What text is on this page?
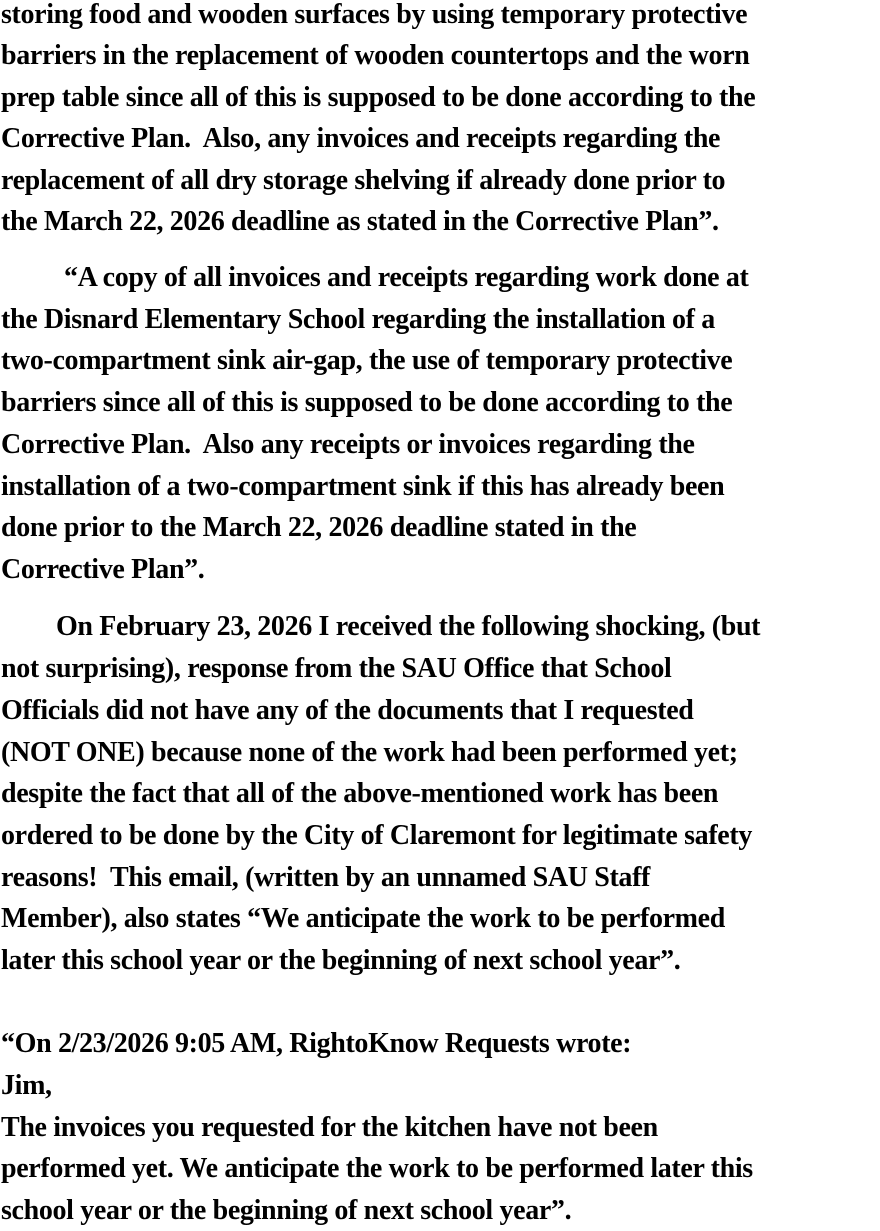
storing food and wooden surfaces by using temporary protective
barriers in the replacement of wooden countertops and the worn
prep table since all of this is supposed to be done according to the
Corrective Plan.  Also, any invoices and receipts regarding the
replacement of all dry storage shelving if already done prior to
the March 22, 2026 deadline as stated in the Corrective Plan”.
“A copy of all invoices and receipts regarding work done at
the Disnard Elementary School regarding the installation of a
two-compartment sink air-gap, the use of temporary protective
barriers since all of this is supposed to be done according to the
Corrective Plan.  Also any receipts or invoices regarding the
installation of a two-compartment sink if this has already been
done prior to the March 22, 2026 deadline stated in the
Corrective Plan”.
On February 23, 2026 I received the following shocking, (but
not surprising), response from the SAU Office that School
Officials did not have any of the documents that I requested
(NOT ONE) because none of the work had been performed yet;
despite the fact that all of the above-mentioned work has been
ordered to be done by the City of Claremont for legitimate safety
reasons!  This email, (written by an unnamed SAU Staff
Member), also states “We anticipate the work to be performed
later this school year or the beginning of next school year”.
“On 2/23/2026 9:05 AM, RightoKnow Requests wrote:
Jim,
The invoices you requested for the kitchen have not been
performed yet. We anticipate the work to be performed later this
school year or the beginning of next school year”.
